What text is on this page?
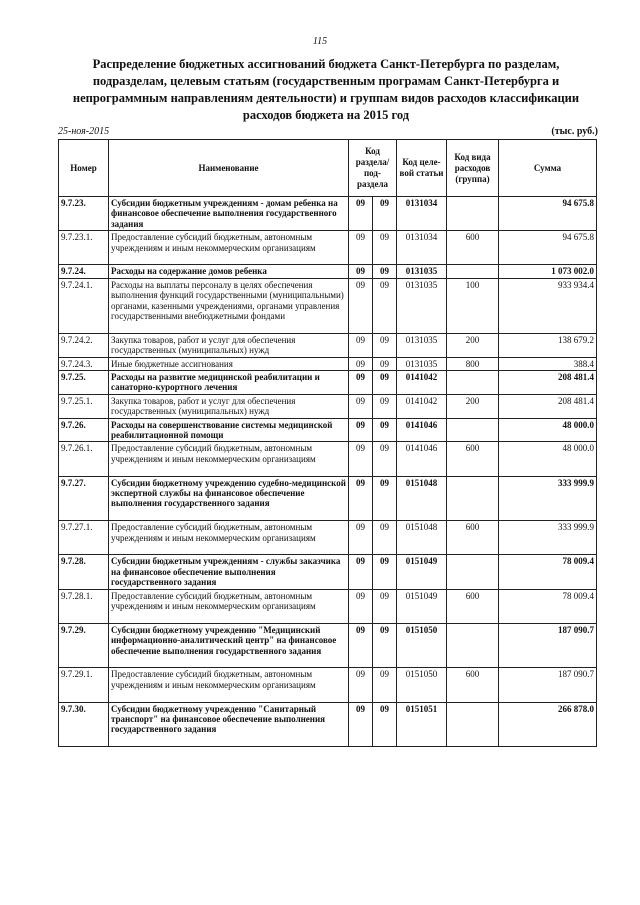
115
Распределение бюджетных ассигнований бюджета Санкт-Петербурга по разделам, подразделам, целевым статьям (государственным програмам Санкт-Петербурга и непрограммным направлениям деятельности) и группам видов расходов классификации расходов бюджета на 2015 год
25-ноя-2015	(тыс. руб.)
Номер	Наименование	Код раздела/ под-раздела		Код целе-вой статьи	Код вида расходов (группа)	Сумма
9.7.23.	Субсидии бюджетным учреждениям - домам ребенка на финансовое обеспечение выполнения государственного задания	09	09	0131034		94 675.8
9.7.23.1.	Предоставление субсидий бюджетным, автономным учреждениям и иным некоммерческим организациям	09	09	0131034	600	94 675.8
9.7.24.	Расходы на содержание домов ребенка	09	09	0131035		1 073 002.0
9.7.24.1.	Расходы на выплаты персоналу в целях обеспечения выполнения функций государственными (муниципальными) органами, казенными учреждениями, органами управления государственными внебюджетными фондами	09	09	0131035	100	933 934.4
9.7.24.2.	Закупка товаров, работ и услуг для обеспечения государственных (муниципальных) нужд	09	09	0131035	200	138 679.2
9.7.24.3.	Иные бюджетные ассигнования	09	09	0131035	800	388.4
9.7.25.	Расходы на развитие медицинской реабилитации и санаторно-курортного лечения	09	09	0141042		208 481.4
9.7.25.1.	Закупка товаров, работ и услуг для обеспечения государственных (муниципальных) нужд	09	09	0141042	200	208 481.4
9.7.26.	Расходы на совершенствование системы медицинской реабилитационной помощи	09	09	0141046		48 000.0
9.7.26.1.	Предоставление субсидий бюджетным, автономным учреждениям и иным некоммерческим организациям	09	09	0141046	600	48 000.0
9.7.27.	Субсидии бюджетному учреждению судебно-медицинской экспертной службы на финансовое обеспечение выполнения государственного задания	09	09	0151048		333 999.9
9.7.27.1.	Предоставление субсидий бюджетным, автономным учреждениям и иным некоммерческим организациям	09	09	0151048	600	333 999.9
9.7.28.	Субсидии бюджетным учреждениям - службы заказчика на финансовое обеспечение выполнения государственного задания	09	09	0151049		78 009.4
9.7.28.1.	Предоставление субсидий бюджетным, автономным учреждениям и иным некоммерческим организациям	09	09	0151049	600	78 009.4
9.7.29.	Субсидии бюджетному учреждению "Медицинский информационно-аналитический центр" на финансовое обеспечение выполнения государственного задания	09	09	0151050		187 090.7
9.7.29.1.	Предоставление субсидий бюджетным, автономным учреждениям и иным некоммерческим организациям	09	09	0151050	600	187 090.7
9.7.30.	Субсидии бюджетному учреждению "Санитарный транспорт" на финансовое обеспечение выполнения государственного задания	09	09	0151051		266 878.0
